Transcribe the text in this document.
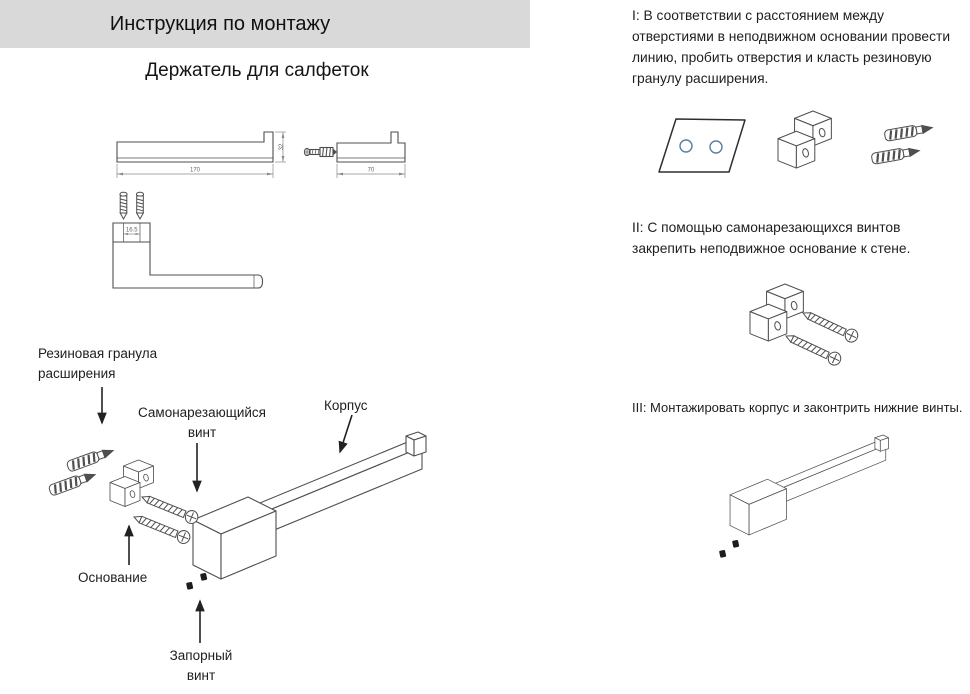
Инструкция по монтажу
Держатель для салфеток
170
32
70
16.5
Резиновая гранула расширения
Самонарезающийся винт
Корпус
Основание
Запорный винт

I: В соответствии с расстоянием между отверстиями в неподвижном основании провести линию, пробить отверстия и класть резиновую гранулу расширения.

II: С помощью самонарезающихся винтов закрепить неподвижное основание к стене.

III: Монтажировать корпус и законтрить нижние винты.
